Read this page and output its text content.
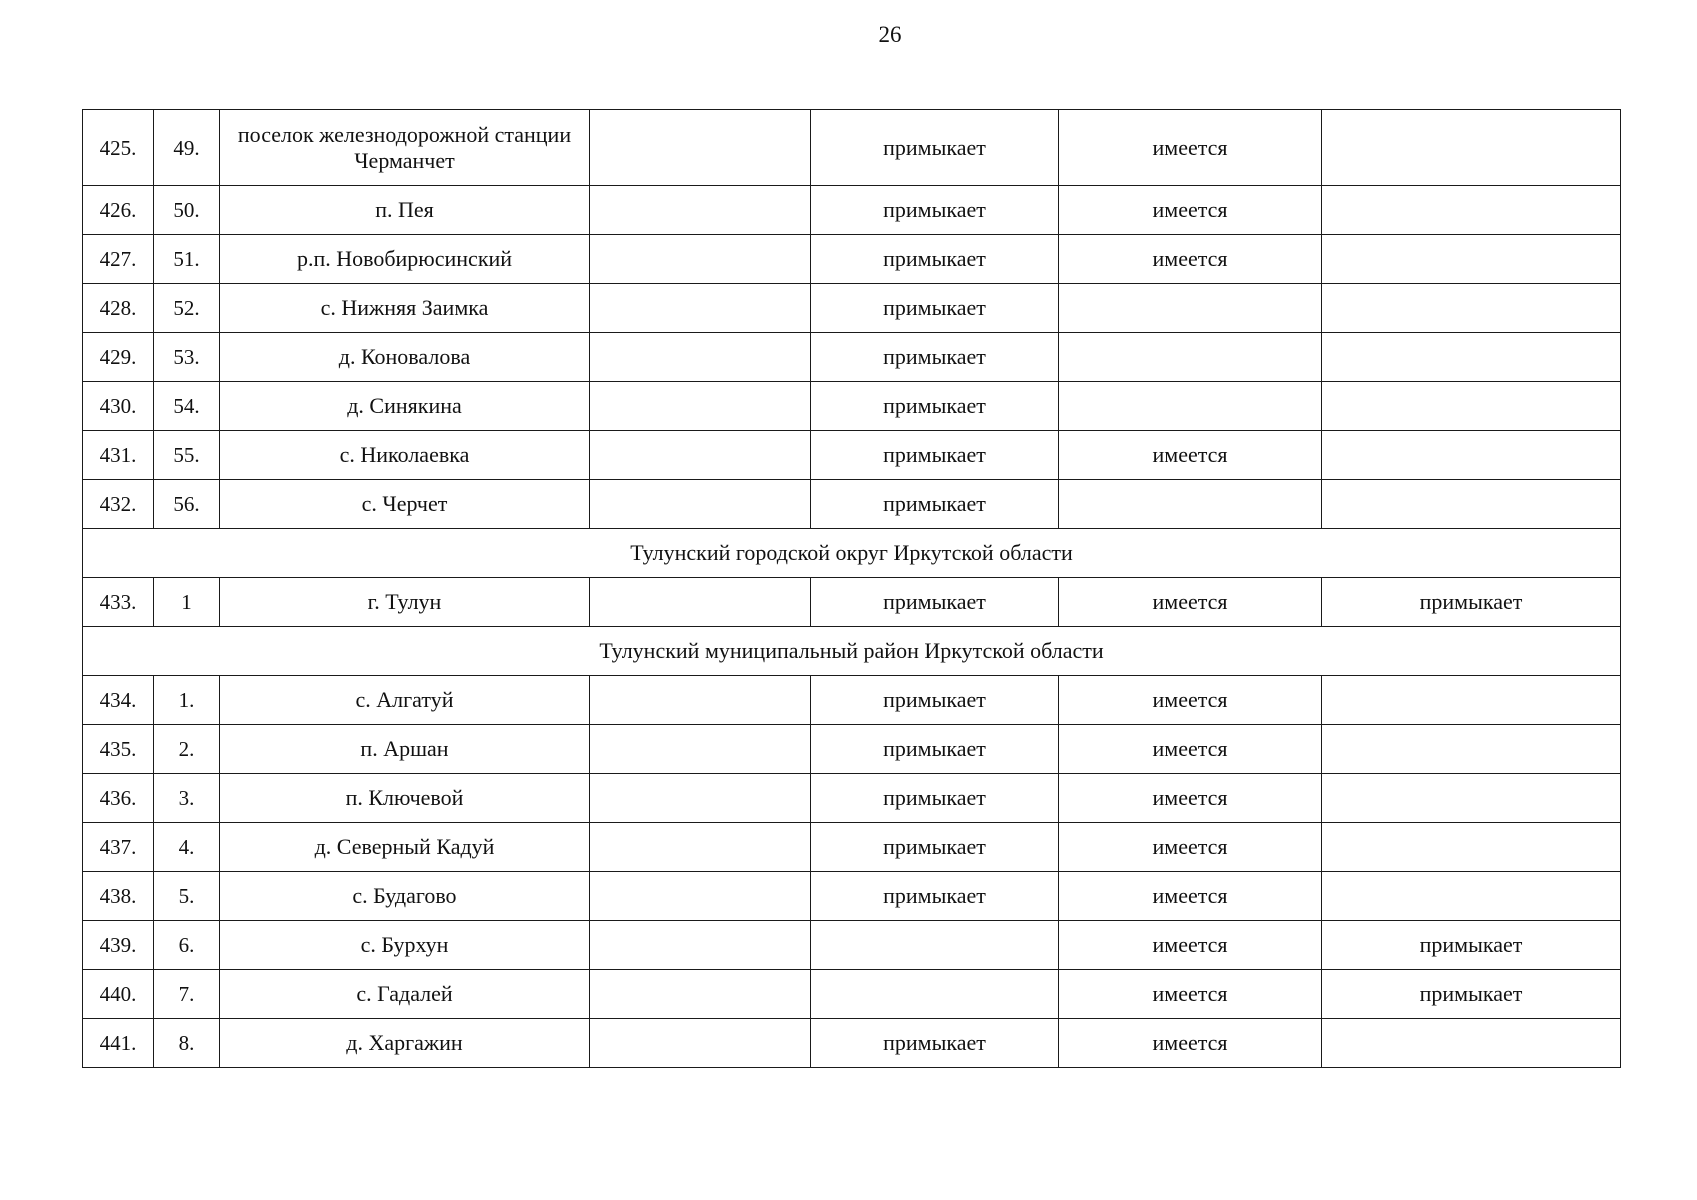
26
425.	49.	поселок железнодорожной станции Черманчет		примыкает	имеется	
426.	50.	п. Пея		примыкает	имеется	
427.	51.	р.п. Новобирюсинский		примыкает	имеется	
428.	52.	с. Нижняя Заимка		примыкает		
429.	53.	д. Коновалова		примыкает		
430.	54.	д. Синякина		примыкает		
431.	55.	с. Николаевка		примыкает	имеется	
432.	56.	с. Черчет		примыкает		
Тулунский городской округ Иркутской области						
433.	1	г. Тулун		примыкает	имеется	примыкает
Тулунский муниципальный район Иркутской области						
434.	1.	с. Алгатуй		примыкает	имеется	
435.	2.	п. Аршан		примыкает	имеется	
436.	3.	п. Ключевой		примыкает	имеется	
437.	4.	д. Северный Кадуй		примыкает	имеется	
438.	5.	с. Будагово		примыкает	имеется	
439.	6.	с. Бурхун			имеется	примыкает
440.	7.	с. Гадалей			имеется	примыкает
441.	8.	д. Харгажин		примыкает	имеется	
